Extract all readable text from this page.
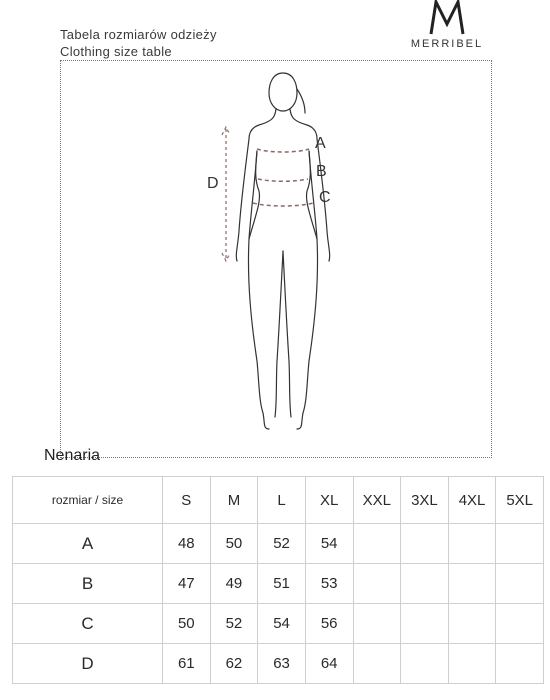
Tabela rozmiarów odzieży
Clothing size table	MERRIBEL
A
B
C
D
Nenaria
rozmiar / size	S	M	L	XL	XXL	3XL	4XL	5XL
A	48	50	52	54				
B	47	49	51	53				
C	50	52	54	56				
D	61	62	63	64				
